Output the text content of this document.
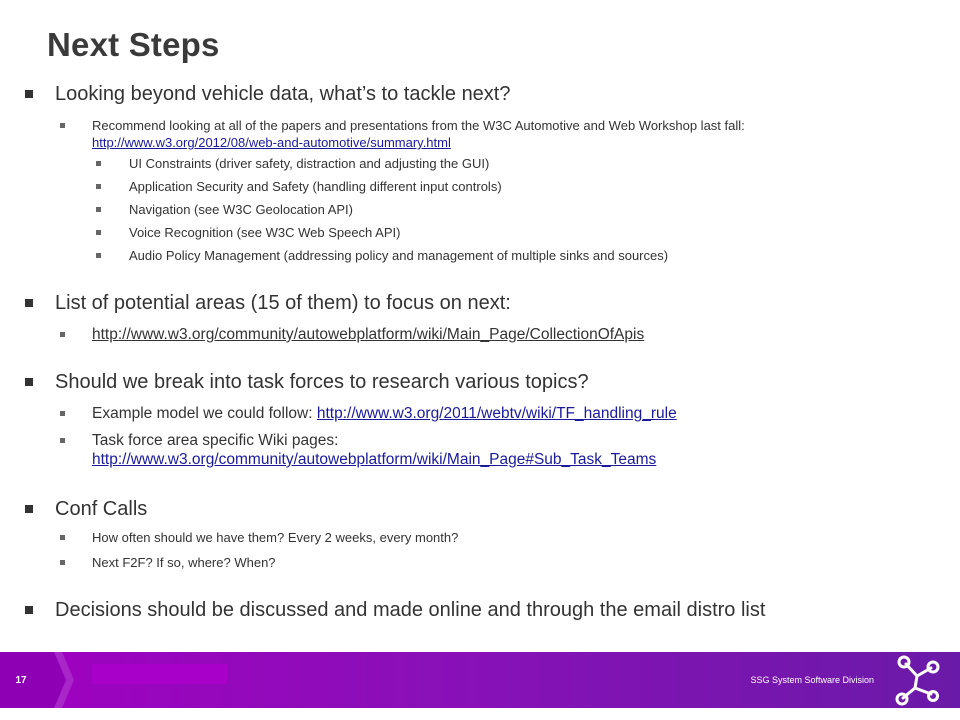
Next Steps
Looking beyond vehicle data, what’s to tackle next?
Recommend looking at all of the papers and presentations from the W3C Automotive and Web Workshop last fall: http://www.w3.org/2012/08/web-and-automotive/summary.html
UI Constraints (driver safety, distraction and adjusting the GUI)
Application Security and Safety (handling different input controls)
Navigation (see W3C Geolocation API)
Voice Recognition (see W3C Web Speech API)
Audio Policy Management (addressing policy and management of multiple sinks and sources)
List of potential areas (15 of them) to focus on next:
http://www.w3.org/community/autowebplatform/wiki/Main_Page/CollectionOfApis
Should we break into task forces to research various topics?
Example model we could follow: http://www.w3.org/2011/webtv/wiki/TF_handling_rule
Task force area specific Wiki pages:
http://www.w3.org/community/autowebplatform/wiki/Main_Page#Sub_Task_Teams
Conf Calls
How often should we have them? Every 2 weeks, every month?
Next F2F? If so, where? When?
Decisions should be discussed and made online and through the email distro list
17	SSG System Software Division
